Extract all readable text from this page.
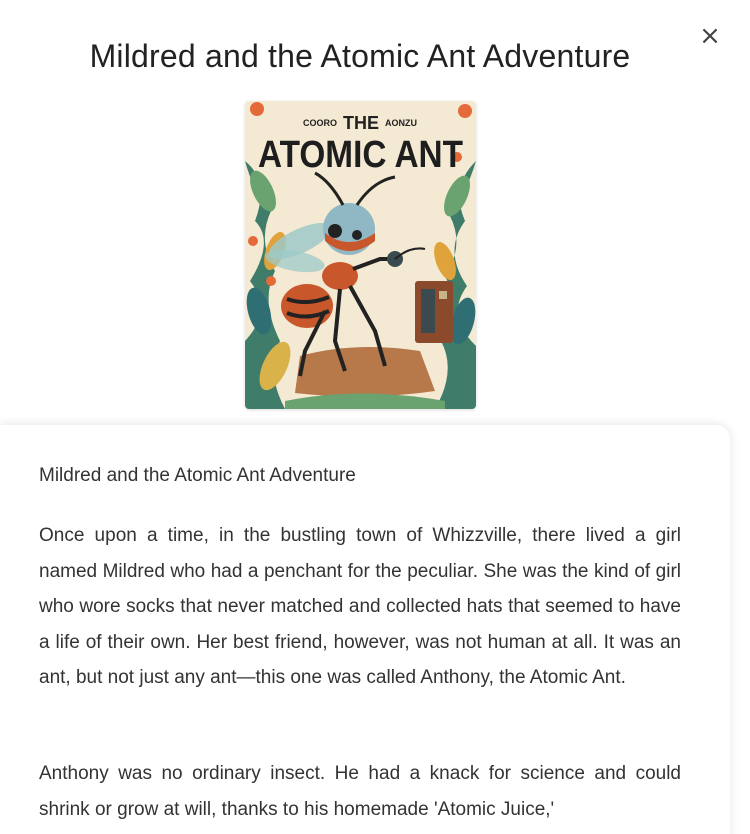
×
Mildred and the Atomic Ant Adventure
COORO THE AONZU
ATOMIC ANT
Mildred and the Atomic Ant Adventure

Once upon a time, in the bustling town of Whizzville, there lived a girl named Mildred who had a penchant for the peculiar. She was the kind of girl who wore socks that never matched and collected hats that seemed to have a life of their own. Her best friend, however, was not human at all. It was an ant, but not just any ant—this one was called Anthony, the Atomic Ant.

Anthony was no ordinary insect. He had a knack for science and could shrink or grow at will, thanks to his homemade 'Atomic Juice,'
